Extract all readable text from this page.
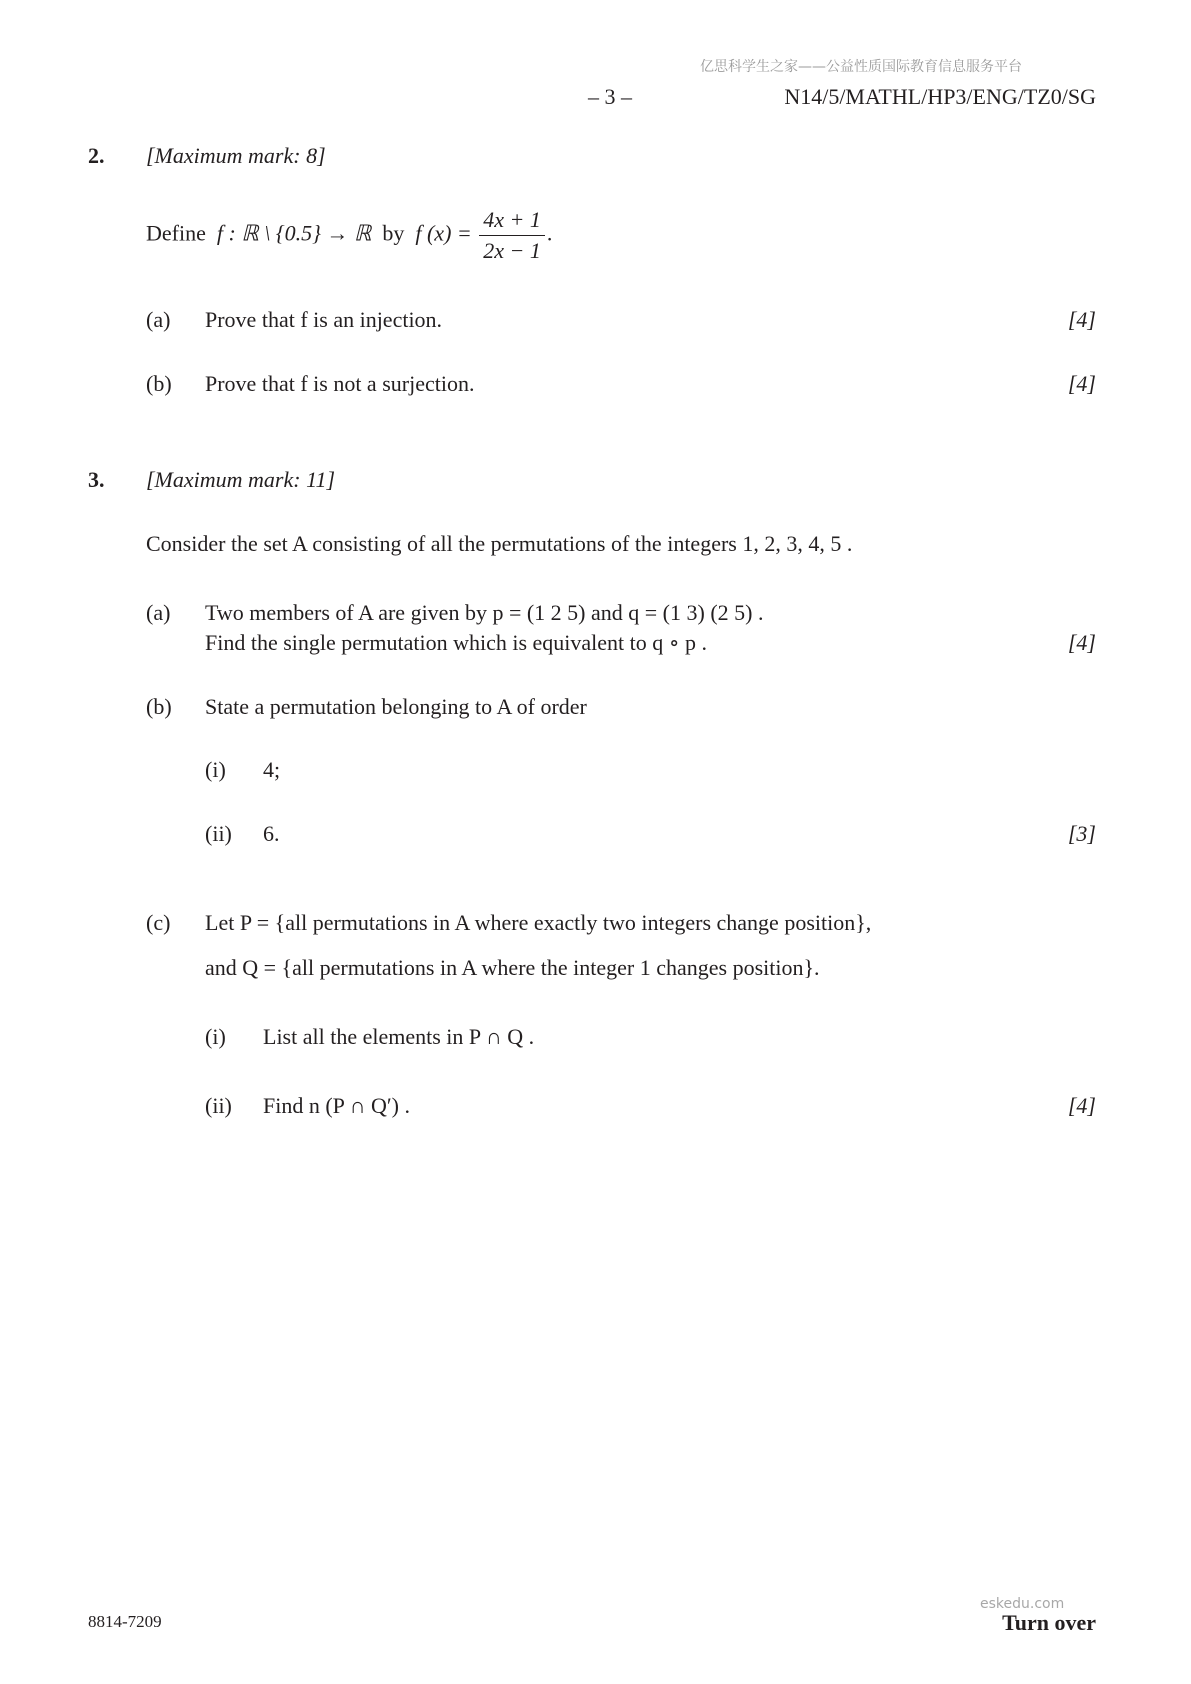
亿思科学生之家——公益性质国际教育信息服务平台
– 3 –	N14/5/MATHL/HP3/ENG/TZ0/SG
2. [Maximum mark: 8]
Define f : ℝ \ {0.5} → ℝ by f $(x) = \frac{4x + 1}{2x - 1}$ .
(a) Prove that f is an injection.	[4]
(b) Prove that f is not a surjection.	[4]
3. [Maximum mark: 11]
Consider the set A consisting of all the permutations of the integers 1, 2, 3, 4, 5 .
(a) Two members of A are given by p = (1 2 5) and q = (1 3) (2 5) .
Find the single permutation which is equivalent to q ∘ p .	[4]
(b) State a permutation belonging to A of order
(i) 4;
(ii) 6.	[3]
(c) Let P = {all permutations in A where exactly two integers change position},
and Q = {all permutations in A where the integer 1 changes position}.
(i) List all the elements in P ∩ Q .
(ii) Find n (P ∩ Q′) .	[4]
8814-7209	Turn over
eskedu.com
